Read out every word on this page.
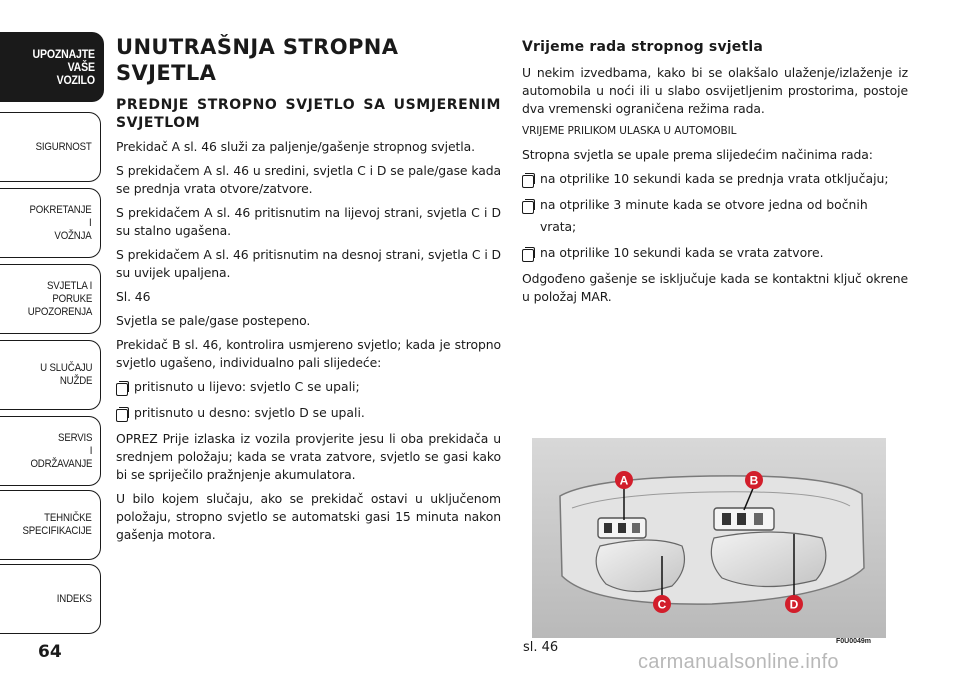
UPOZNAJTE
VAŠE
VOZILO
SIGURNOST
POKRETANJE
I
VOŽNJA
SVJETLA I
PORUKE
UPOZORENJA
U SLUČAJU
NUŽDE
SERVIS
I
ODRŽAVANJE
TEHNIČKE
SPECIFIKACIJE
INDEKS
64
UNUTRAŠNJA STROPNA SVJETLA
PREDNJE STROPNO SVJETLO SA USMJERENIM SVJETLOM

Prekidač A sl. 46 služi za paljenje/gašenje stropnog svjetla.

S prekidačem A sl. 46 u sredini, svjetla C i D se pale/gase kada se prednja vrata otvore/zatvore.

S prekidačem A sl. 46 pritisnutim na lijevoj strani, svjetla C i D su stalno ugašena.

S prekidačem A sl. 46 pritisnutim na desnoj strani, svjetla C i D su uvijek upaljena.

Sl. 46

Svjetla se pale/gase postepeno.

Prekidač B sl. 46, kontrolira usmjereno svjetlo; kada je stropno svjetlo ugašeno, individualno pali slijedeće:

pritisnuto u lijevo: svjetlo C se upali;
pritisnuto u desno: svjetlo D se upali.

OPREZ Prije izlaska iz vozila provjerite jesu li oba prekidača u srednjem položaju; kada se vrata zatvore, svjetlo se gasi kako bi se spriječilo pražnjenje akumulatora.

U bilo kojem slučaju, ako se prekidač ostavi u uključenom položaju, stropno svjetlo se automatski gasi 15 minuta nakon gašenja motora.

Vrijeme rada stropnog svjetla

U nekim izvedbama, kako bi se olakšalo ulaženje/izlaženje iz automobila u noći ili u slabo osvijetljenim prostorima, postoje dva vremenski ograničena režima rada.

VRIJEME PRILIKOM ULASKA U AUTOMOBIL

Stropna svjetla se upale prema slijedećim načinima rada:

na otprilike 10 sekundi kada se prednja vrata otključaju;
na otprilike 3 minute kada se otvore jedna od bočnih

vrata;

na otprilike 10 sekundi kada se vrata zatvore.

Odgođeno gašenje se isključuje kada se kontaktni ključ okrene u položaj MAR.

A	B
C	D
sl. 46	F0U0049m
carmanualsonline.info
